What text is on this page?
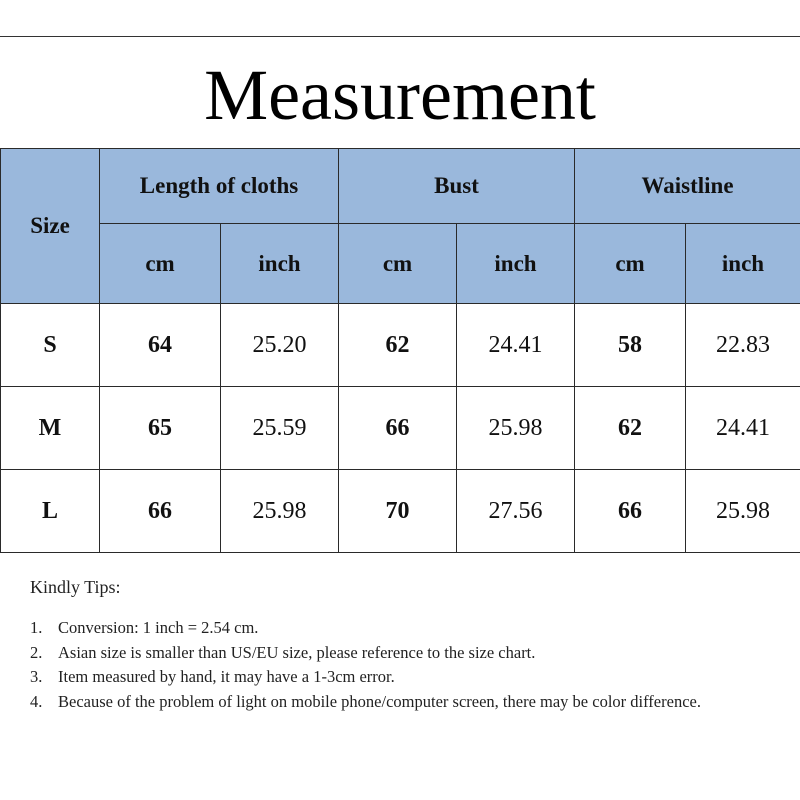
Measurement
Size	Length of cloths		Bust		Waistline	
	cm	inch	cm	inch	cm	inch
S	64	25.20	62	24.41	58	22.83
M	65	25.59	66	25.98	62	24.41
L	66	25.98	70	27.56	66	25.98
Kindly Tips:
1. Conversion: 1 inch = 2.54 cm.
2. Asian size is smaller than US/EU size, please reference to the size chart.
3. Item measured by hand, it may have a 1-3cm error.
4. Because of the problem of light on mobile phone/computer screen, there may be color difference.
